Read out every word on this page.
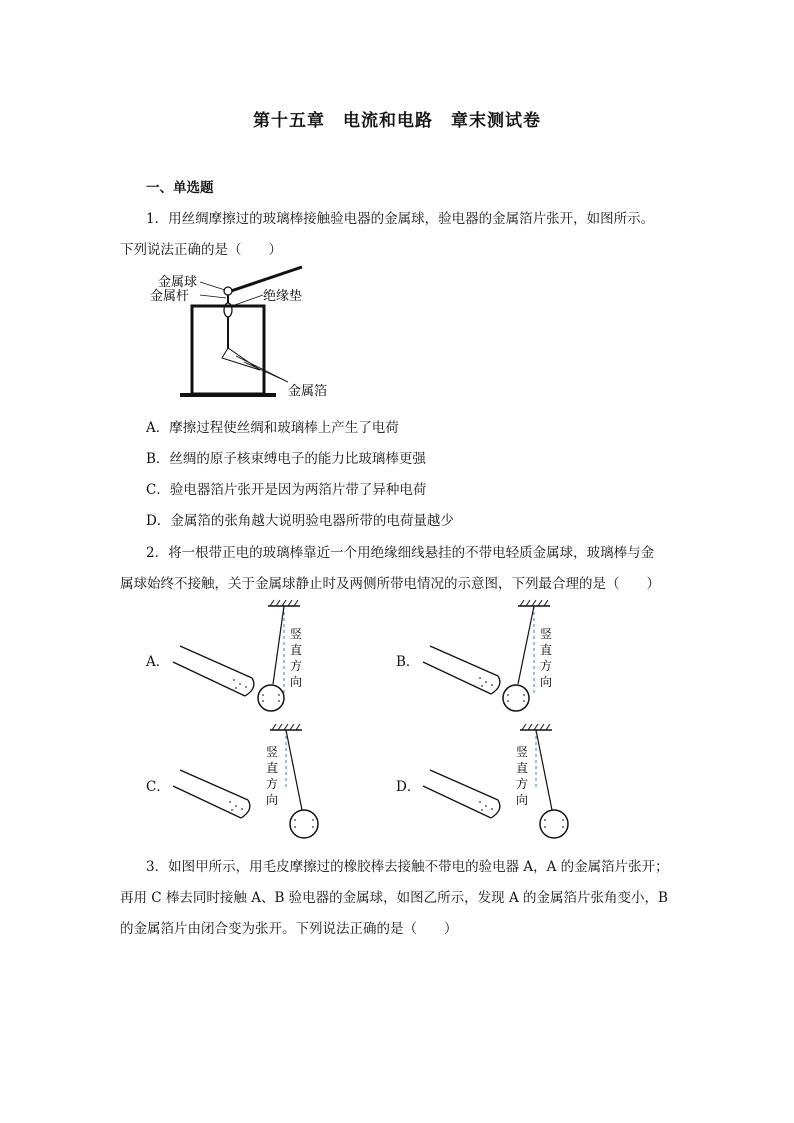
第十五章　电流和电路　章末测试卷
一、单选题
1．用丝绸摩擦过的玻璃棒接触验电器的金属球，验电器的金属箔片张开，如图所示。
下列说法正确的是（　　）
金属球
金属杆	绝缘垫
金属箔
A．摩擦过程使丝绸和玻璃棒上产生了电荷
B．丝绸的原子核束缚电子的能力比玻璃棒更强
C．验电器箔片张开是因为两箔片带了异种电荷
D．金属箔的张角越大说明验电器所带的电荷量越少
2．将一根带正电的玻璃棒靠近一个用绝缘细线悬挂的不带电轻质金属球，玻璃棒与金
属球始终不接触，关于金属球静止时及两侧所带电情况的示意图，下列最合理的是（　　）
A．
竖
直
方
向
B．
竖
直
方
向
C．
竖
直
方
向
D．
竖
直
方
向
3．如图甲所示，用毛皮摩擦过的橡胶棒去接触不带电的验电器 A，A 的金属箔片张开；
再用 C 棒去同时接触 A、B 验电器的金属球，如图乙所示，发现 A 的金属箔片张角变小，B
的金属箔片由闭合变为张开。下列说法正确的是（　　）
